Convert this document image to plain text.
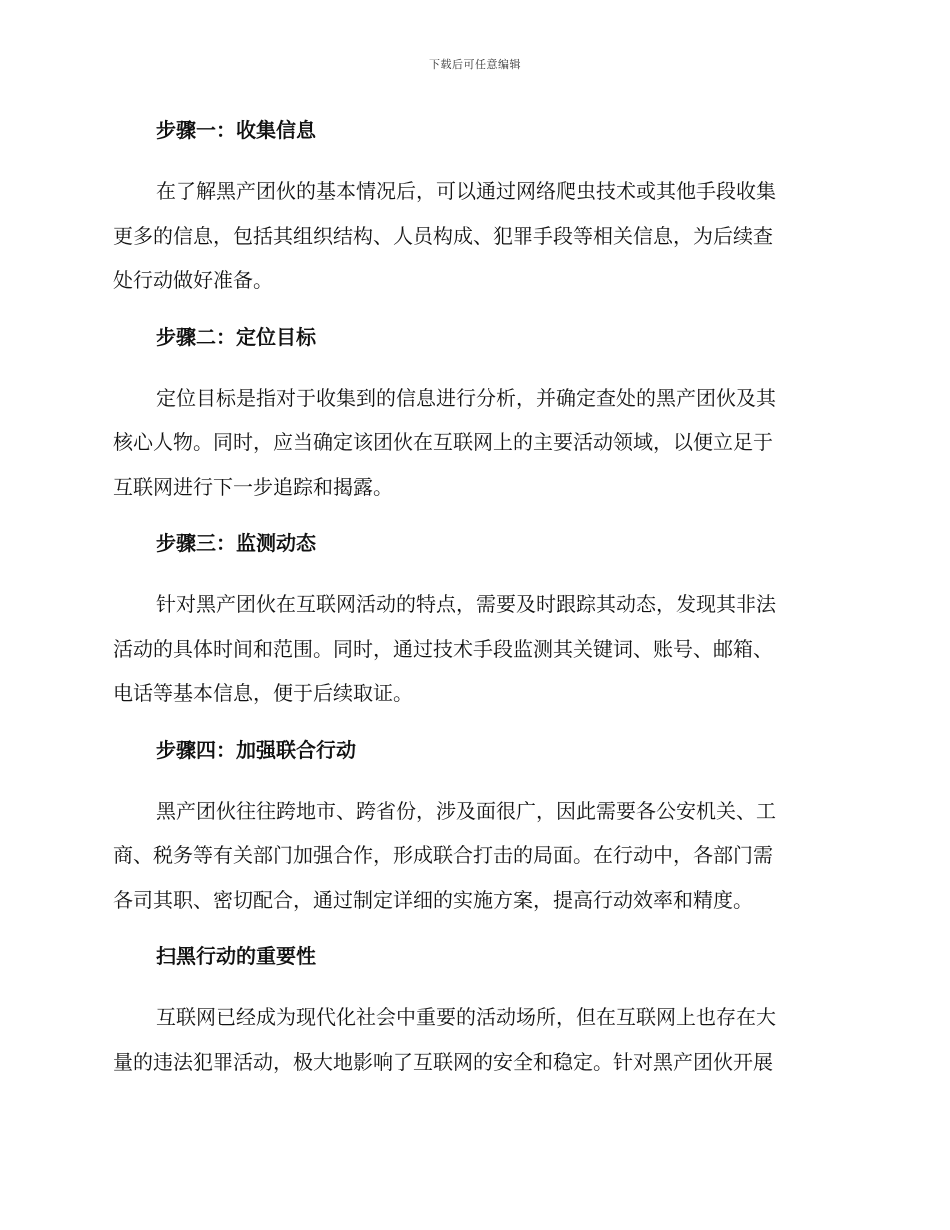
下载后可任意编辑
步骤一：收集信息
在了解黑产团伙的基本情况后，可以通过网络爬虫技术或其他手段收集
更多的信息，包括其组织结构、人员构成、犯罪手段等相关信息，为后续查
处行动做好准备。
步骤二：定位目标
定位目标是指对于收集到的信息进行分析，并确定查处的黑产团伙及其
核心人物。同时，应当确定该团伙在互联网上的主要活动领域，以便立足于
互联网进行下一步追踪和揭露。
步骤三：监测动态
针对黑产团伙在互联网活动的特点，需要及时跟踪其动态，发现其非法
活动的具体时间和范围。同时，通过技术手段监测其关键词、账号、邮箱、
电话等基本信息，便于后续取证。
步骤四：加强联合行动
黑产团伙往往跨地市、跨省份，涉及面很广，因此需要各公安机关、工
商、税务等有关部门加强合作，形成联合打击的局面。在行动中，各部门需
各司其职、密切配合，通过制定详细的实施方案，提高行动效率和精度。
扫黑行动的重要性
互联网已经成为现代化社会中重要的活动场所，但在互联网上也存在大
量的违法犯罪活动，极大地影响了互联网的安全和稳定。针对黑产团伙开展
